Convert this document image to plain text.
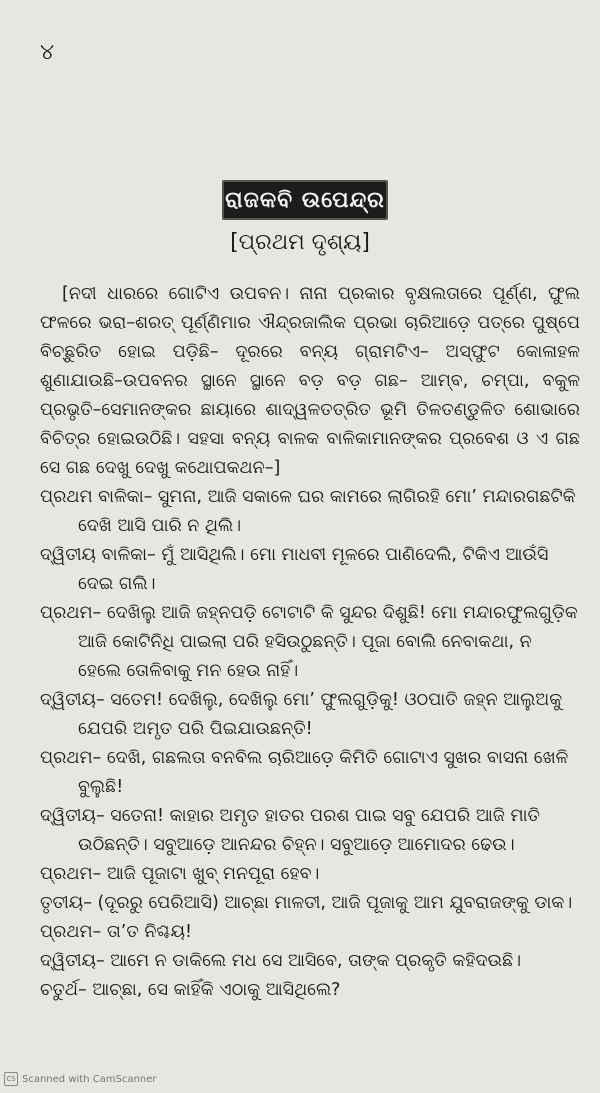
୪
ରାଜକବି ଉପେନ୍ଦ୍ର
[ପ୍ରଥମ ଦୃଶ୍ୟ]

[ନଦୀ ଧାରରେ ଗୋଟିଏ ଉପବନ। ନାନା ପ୍ରକାର ବୃକ୍ଷଲତାରେ ପୂର୍ଣ୍ଣ, ଫୁଲ ଫଳରେ ଭରା–ଶରତ୍ ପୂର୍ଣ୍ଣିମାର ଐନ୍ଦ୍ରଜାଲିକ ପ୍ରଭା ଚାରିଆଡ଼େ ପତ୍ରେ ପୁଷ୍ପେ ବିଚ୍ଛୁରିତ ହୋଇ ପଡ଼ିଛି– ଦୂରରେ ବନ୍ୟ ଗ୍ରାମଟିଏ– ଅସ୍ଫୁଟ କୋଳାହଳ ଶୁଣାଯାଉଛି–ଉପବନର ସ୍ଥାନେ ସ୍ଥାନେ ବଡ଼ ବଡ଼ ଗଛ– ଆମ୍ବ, ଚମ୍ପା, ବକୁଳ ପ୍ରଭୃତି–ସେମାନଙ୍କର ଛାୟାରେ ଶାଦ୍ୱଳତତ୍ରିତ ଭୂମି ତିଳତଣ୍ଡୁଳିତ ଶୋଭାରେ ବିଚିତ୍ର ହୋଇଉଠିଛି। ସହସା ବନ୍ୟ ବାଳକ ବାଳିକାମାନଙ୍କର ପ୍ରବେଶ ଓ ଏ ଗଛ ସେ ଗଛ ଦେଖୁ ଦେଖୁ କଥୋପକଥନ–]

ପ୍ରଥମ ବାଳିକା– ସୁମନା, ଆଜି ସକାଳେ ଘର କାମରେ ଲାଗିରହି ମୋ’ ମନ୍ଦାରଗଛଟିକି ଦେଖି ଆସି ପାରି ନ ଥିଲି।

ଦ୍ୱିତୀୟ ବାଳିକା– ମୁଁ ଆସିଥିଲି। ମୋ ମାଧବୀ ମୂଳରେ ପାଣିଦେଲି, ଟିକିଏ ଆଉଁସି ଦେଇ ଗଲି।

ପ୍ରଥମ– ଦେଖିଲୁ ଆଜି ଜହ୍ନପଡ଼ି ଟୋଟାଟି କି ସୁନ୍ଦର ଦିଶୁଛି! ମୋ ମନ୍ଦାରଫୁଲଗୁଡ଼ିକ ଆଜି କୋଟିନିଧି ପାଇଲା ପରି ହସିଉଠୁଛନ୍ତି। ପୂଜା ବୋଲି ନେବାକଥା, ନ ହେଲେ ତୋଳିବାକୁ ମନ ହେଉ ନାହିଁ।

ଦ୍ୱିତୀୟ– ସତେମ! ଦେଖିଲୁ, ଦେଖିଲୁ ମୋ’ ଫୁଲଗୁଡ଼ିକୁ! ଓଠପାତି ଜହ୍ନ ଆଲୁଅକୁ ଯେପରି ଅମୃତ ପରି ପିଇଯାଉଛନ୍ତି!

ପ୍ରଥମ– ଦେଖି, ଗଛଲତା ବନବିଲ ଚାରିଆଡ଼େ କିମିତି ଗୋଟାଏ ସୁଖର ବାସନା ଖେଳି ବୁଲୁଛି!

ଦ୍ୱିତୀୟ– ସତେନା! କାହାର ଅମୃତ ହାତର ପରଶ ପାଇ ସବୁ ଯେପରି ଆଜି ମାତି ଉଠିଛନ୍ତି। ସବୁଆଡ଼େ ଆନନ୍ଦର ଚିହ୍ନ। ସବୁଆଡ଼େ ଆମୋଦର ଢେଉ।

ପ୍ରଥମ– ଆଜି ପୂଜାଟା ଖୁବ୍ ମନପୂରା ହେବ।

ତୃତୀୟ– (ଦୂରରୁ ପେରିଆସି) ଆଚ୍ଛା ମାଳତୀ, ଆଜି ପୂଜାକୁ ଆମ ଯୁବରାଜଙ୍କୁ ଡାକ।

ପ୍ରଥମ– ତା’ତ ନିଶ୍ଚୟ!

ଦ୍ୱିତୀୟ– ଆମେ ନ ଡାକିଲେ ମଧ ସେ ଆସିବେ, ତାଙ୍କ ପ୍ରକୃତି କହିଦଉଛି।

ଚତୁର୍ଥ– ଆଚ୍ଛା, ସେ କାହିଁକି ଏଠାକୁ ଆସିଥିଲେ?

CS Scanned with CamScanner
